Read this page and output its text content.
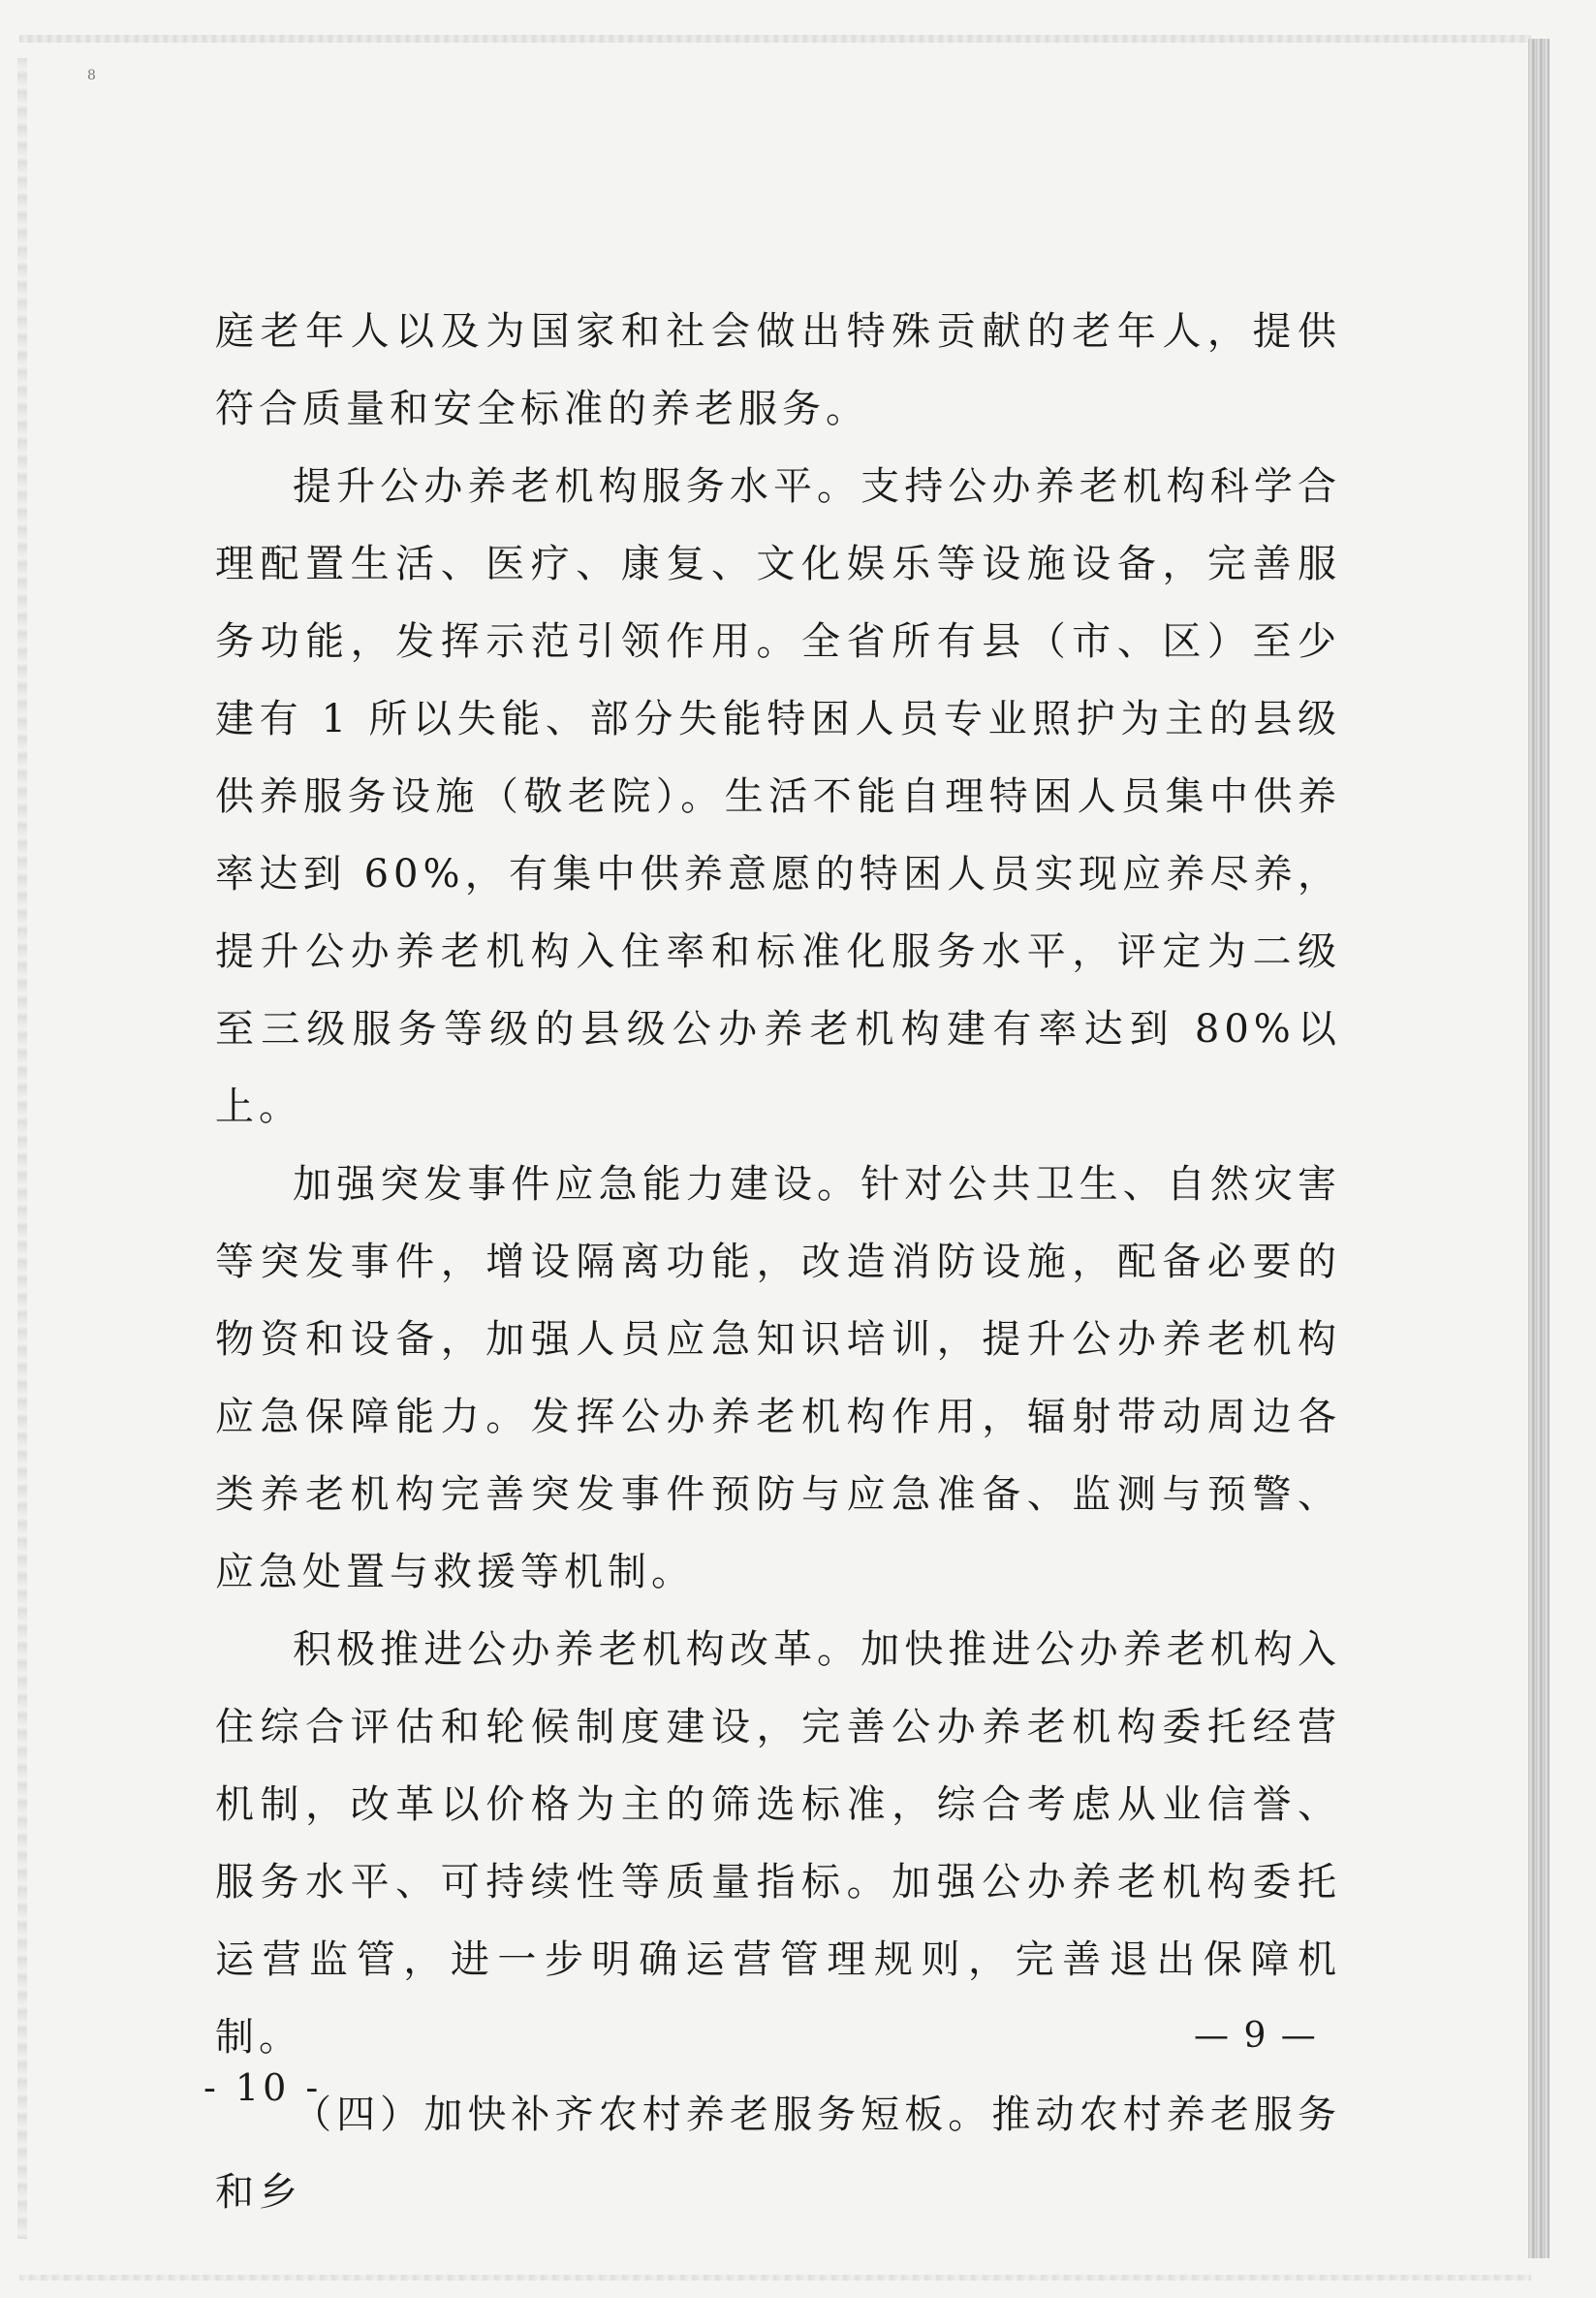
8

庭老年人以及为国家和社会做出特殊贡献的老年人，提供符合质量和安全标准的养老服务。

提升公办养老机构服务水平。支持公办养老机构科学合理配置生活、医疗、康复、文化娱乐等设施设备，完善服务功能，发挥示范引领作用。全省所有县（市、区）至少建有 1 所以失能、部分失能特困人员专业照护为主的县级供养服务设施（敬老院）。生活不能自理特困人员集中供养率达到 60%，有集中供养意愿的特困人员实现应养尽养，提升公办养老机构入住率和标准化服务水平，评定为二级至三级服务等级的县级公办养老机构建有率达到 80%以上。

加强突发事件应急能力建设。针对公共卫生、自然灾害等突发事件，增设隔离功能，改造消防设施，配备必要的物资和设备，加强人员应急知识培训，提升公办养老机构应急保障能力。发挥公办养老机构作用，辐射带动周边各类养老机构完善突发事件预防与应急准备、监测与预警、应急处置与救援等机制。

积极推进公办养老机构改革。加快推进公办养老机构入住综合评估和轮候制度建设，完善公办养老机构委托经营机制，改革以价格为主的筛选标准，综合考虑从业信誉、服务水平、可持续性等质量指标。加强公办养老机构委托运营监管，进一步明确运营管理规则，完善退出保障机制。

（四）加快补齐农村养老服务短板。推动农村养老服务和乡

— 9 —
- 10 -
